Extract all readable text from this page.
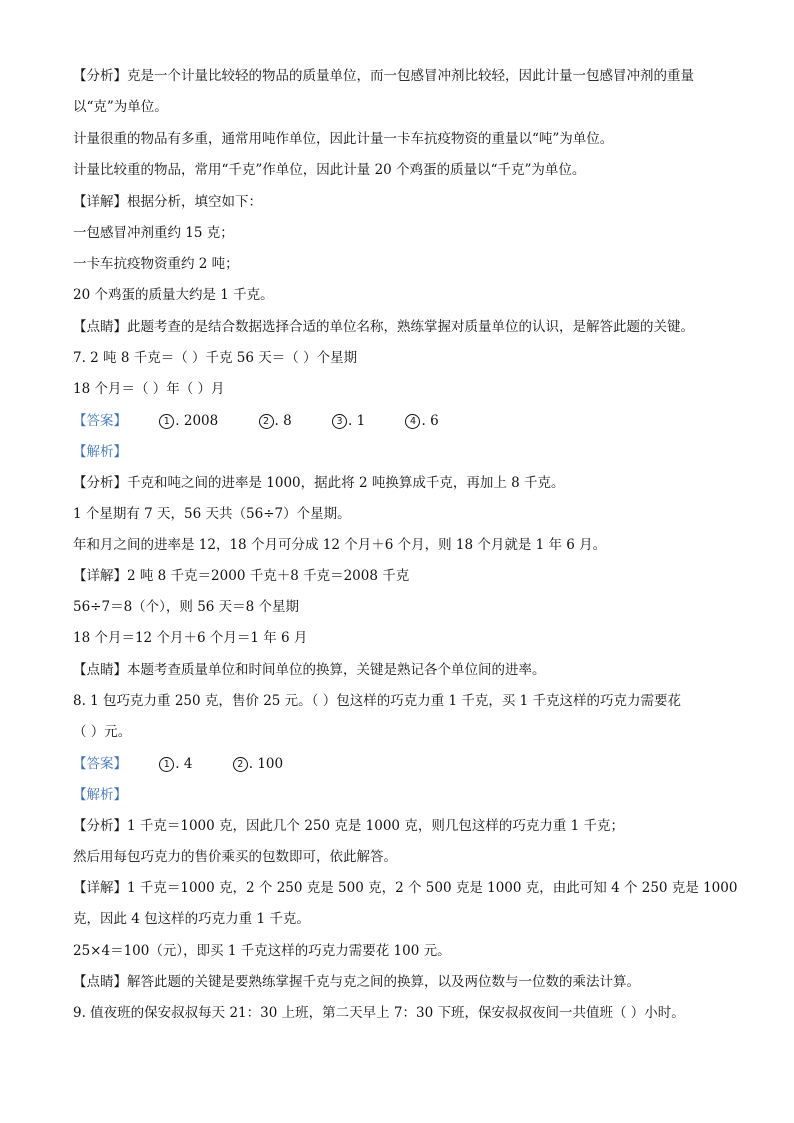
【分析】克是一个计量比较轻的物品的质量单位，而一包感冒冲剂比较轻，因此计量一包感冒冲剂的重量
以“克”为单位。
计量很重的物品有多重，通常用吨作单位，因此计量一卡车抗疫物资的重量以“吨”为单位。
计量比较重的物品，常用“千克”作单位，因此计量 20 个鸡蛋的质量以“千克”为单位。
【详解】根据分析，填空如下：
一包感冒冲剂重约 15 克；
一卡车抗疫物资重约 2 吨；
20 个鸡蛋的质量大约是 1 千克。
【点睛】此题考查的是结合数据选择合适的单位名称，熟练掌握对质量单位的认识，是解答此题的关键。
7. 2 吨 8 千克＝（ ）千克 56 天＝（ ）个星期
18 个月＝（ ）年（ ）月
【答案】	1 . 2008	2 . 8	3 . 1	4 . 6
【解析】
【分析】千克和吨之间的进率是 1000，据此将 2 吨换算成千克，再加上 8 千克。
1 个星期有 7 天，56 天共（56÷7）个星期。
年和月之间的进率是 12，18 个月可分成 12 个月＋6 个月，则 18 个月就是 1 年 6 月。
【详解】2 吨 8 千克＝2000 千克＋8 千克＝2008 千克
56÷7＝8（个），则 56 天＝8 个星期
18 个月＝12 个月＋6 个月＝1 年 6 月
【点睛】本题考查质量单位和时间单位的换算，关键是熟记各个单位间的进率。
8. 1 包巧克力重 250 克，售价 25 元。（ ）包这样的巧克力重 1 千克，买 1 千克这样的巧克力需要花
（ ）元。
【答案】	1 . 4	2 . 100
【解析】
【分析】1 千克＝1000 克，因此几个 250 克是 1000 克，则几包这样的巧克力重 1 千克；
然后用每包巧克力的售价乘买的包数即可，依此解答。
【详解】1 千克＝1000 克，2 个 250 克是 500 克，2 个 500 克是 1000 克，由此可知 4 个 250 克是 1000
克，因此 4 包这样的巧克力重 1 千克。
25×4＝100（元），即买 1 千克这样的巧克力需要花 100 元。
【点睛】解答此题的关键是要熟练掌握千克与克之间的换算，以及两位数与一位数的乘法计算。
9. 值夜班的保安叔叔每天 21：30 上班，第二天早上 7：30 下班，保安叔叔夜间一共值班（ ）小时。
